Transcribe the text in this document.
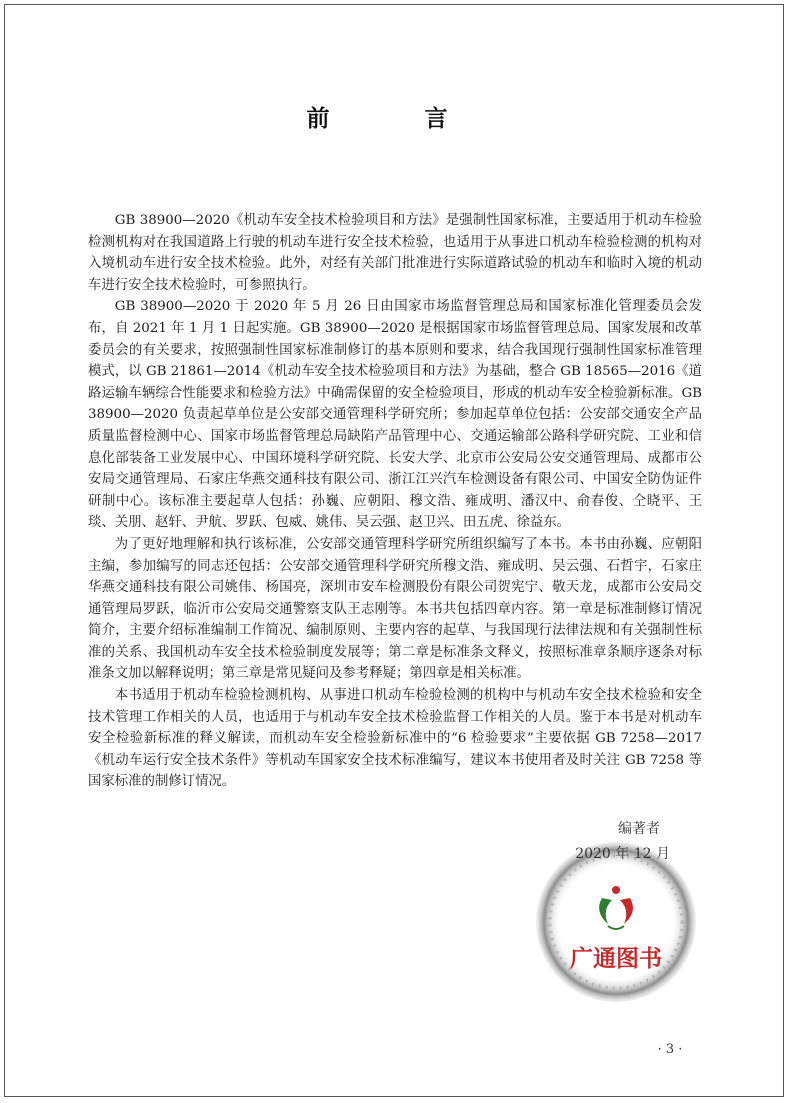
前　言

GB 38900—2020《机动车安全技术检验项目和方法》是强制性国家标准，主要适用于机动车检验检测机构对在我国道路上行驶的机动车进行安全技术检验，也适用于从事进口机动车检验检测的机构对入境机动车进行安全技术检验。此外，对经有关部门批准进行实际道路试验的机动车和临时入境的机动车进行安全技术检验时，可参照执行。

GB 38900—2020 于 2020 年 5 月 26 日由国家市场监督管理总局和国家标准化管理委员会发布，自 2021 年 1 月 1 日起实施。GB 38900—2020 是根据国家市场监督管理总局、国家发展和改革委员会的有关要求，按照强制性国家标准制修订的基本原则和要求，结合我国现行强制性国家标准管理模式，以 GB 21861—2014《机动车安全技术检验项目和方法》为基础，整合 GB 18565—2016《道路运输车辆综合性能要求和检验方法》中确需保留的安全检验项目，形成的机动车安全检验新标准。GB 38900—2020 负责起草单位是公安部交通管理科学研究所；参加起草单位包括：公安部交通安全产品质量监督检测中心、国家市场监督管理总局缺陷产品管理中心、交通运输部公路科学研究院、工业和信息化部装备工业发展中心、中国环境科学研究院、长安大学、北京市公安局公安交通管理局、成都市公安局交通管理局、石家庄华燕交通科技有限公司、浙江江兴汽车检测设备有限公司、中国安全防伪证件研制中心。该标准主要起草人包括：孙巍、应朝阳、穆文浩、雍成明、潘汉中、俞春俊、仝晓平、王琰、关朋、赵轩、尹航、罗跃、包威、姚伟、吴云强、赵卫兴、田五虎、徐益东。

为了更好地理解和执行该标准，公安部交通管理科学研究所组织编写了本书。本书由孙巍、应朝阳主编，参加编写的同志还包括：公安部交通管理科学研究所穆文浩、雍成明、吴云强、石哲宇，石家庄华燕交通科技有限公司姚伟、杨国亮，深圳市安车检测股份有限公司贺宪宁、敬天龙，成都市公安局交通管理局罗跃，临沂市公安局交通警察支队王志刚等。本书共包括四章内容。第一章是标准制修订情况简介，主要介绍标准编制工作简况、编制原则、主要内容的起草、与我国现行法律法规和有关强制性标准的关系、我国机动车安全技术检验制度发展等；第二章是标准条文释义，按照标准章条顺序逐条对标准条文加以解释说明；第三章是常见疑问及参考释疑；第四章是相关标准。

本书适用于机动车检验检测机构、从事进口机动车检验检测的机构中与机动车安全技术检验和安全技术管理工作相关的人员，也适用于与机动车安全技术检验监督工作相关的人员。鉴于本书是对机动车安全检验新标准的释义解读，而机动车安全检验新标准中的“6 检验要求”主要依据 GB 7258—2017《机动车运行安全技术条件》等机动车国家安全技术标准编写，建议本书使用者及时关注 GB 7258 等国家标准的制修订情况。

广通图书
编著者
2020 年 12 月
· 3 ·
